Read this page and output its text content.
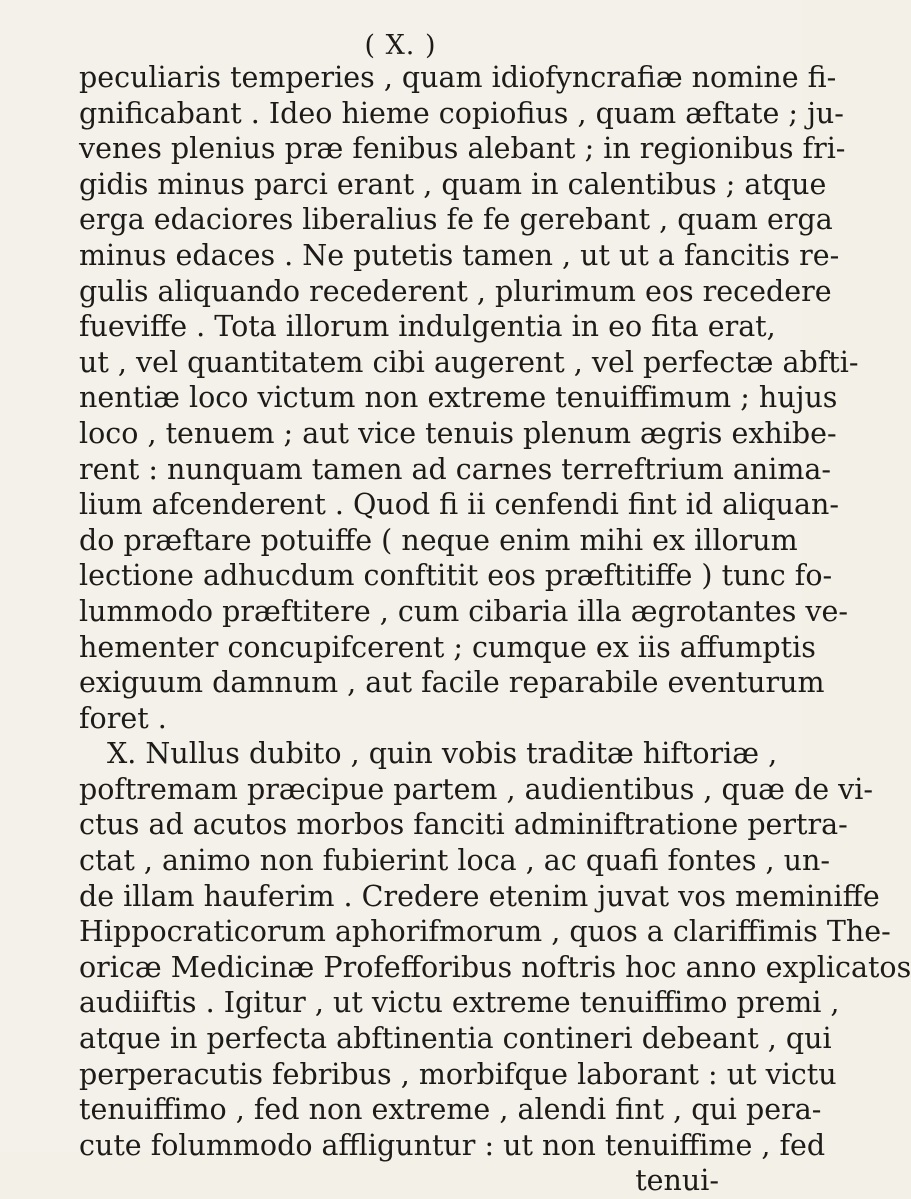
( X. )
peculiaris temperies , quam idiofyncrafiæ nomine fi-
gnificabant . Ideo hieme copiofius , quam æftate ; ju-
venes plenius præ fenibus alebant ; in regionibus fri-
gidis minus parci erant , quam in calentibus ; atque
erga edaciores liberalius fe fe gerebant , quam erga
minus edaces . Ne putetis tamen , ut ut a fancitis re-
gulis aliquando recederent , plurimum eos recedere
fueviffe . Tota illorum indulgentia in eo fita erat,
ut , vel quantitatem cibi augerent , vel perfectæ abfti-
nentiæ loco victum non extreme tenuiffimum ; hujus
loco , tenuem ; aut vice tenuis plenum ægris exhibe-
rent : nunquam tamen ad carnes terreftrium anima-
lium afcenderent . Quod fi ii cenfendi fint id aliquan-
do præftare potuiffe ( neque enim mihi ex illorum
lectione adhucdum conftitit eos præftitiffe ) tunc fo-
lummodo præftitere , cum cibaria illa ægrotantes ve-
hementer concupifcerent ; cumque ex iis affumptis
exiguum damnum , aut facile reparabile eventurum
foret .
X. Nullus dubito , quin vobis traditæ hiftoriæ ,
poftremam præcipue partem , audientibus , quæ de vi-
ctus ad acutos morbos fanciti adminiftratione pertra-
ctat , animo non fubierint loca , ac quafi fontes , un-
de illam hauferim . Credere etenim juvat vos meminiffe
Hippocraticorum aphorifmorum , quos a clariffimis The-
oricæ Medicinæ Profefforibus noftris hoc anno explicatos
audiiftis . Igitur , ut victu extreme tenuiffimo premi ,
atque in perfecta abftinentia contineri debeant , qui
perperacutis febribus , morbifque laborant : ut victu
tenuiffimo , fed non extreme , alendi fint , qui pera-
cute folummodo affliguntur : ut non tenuiffime , fed
tenui-
